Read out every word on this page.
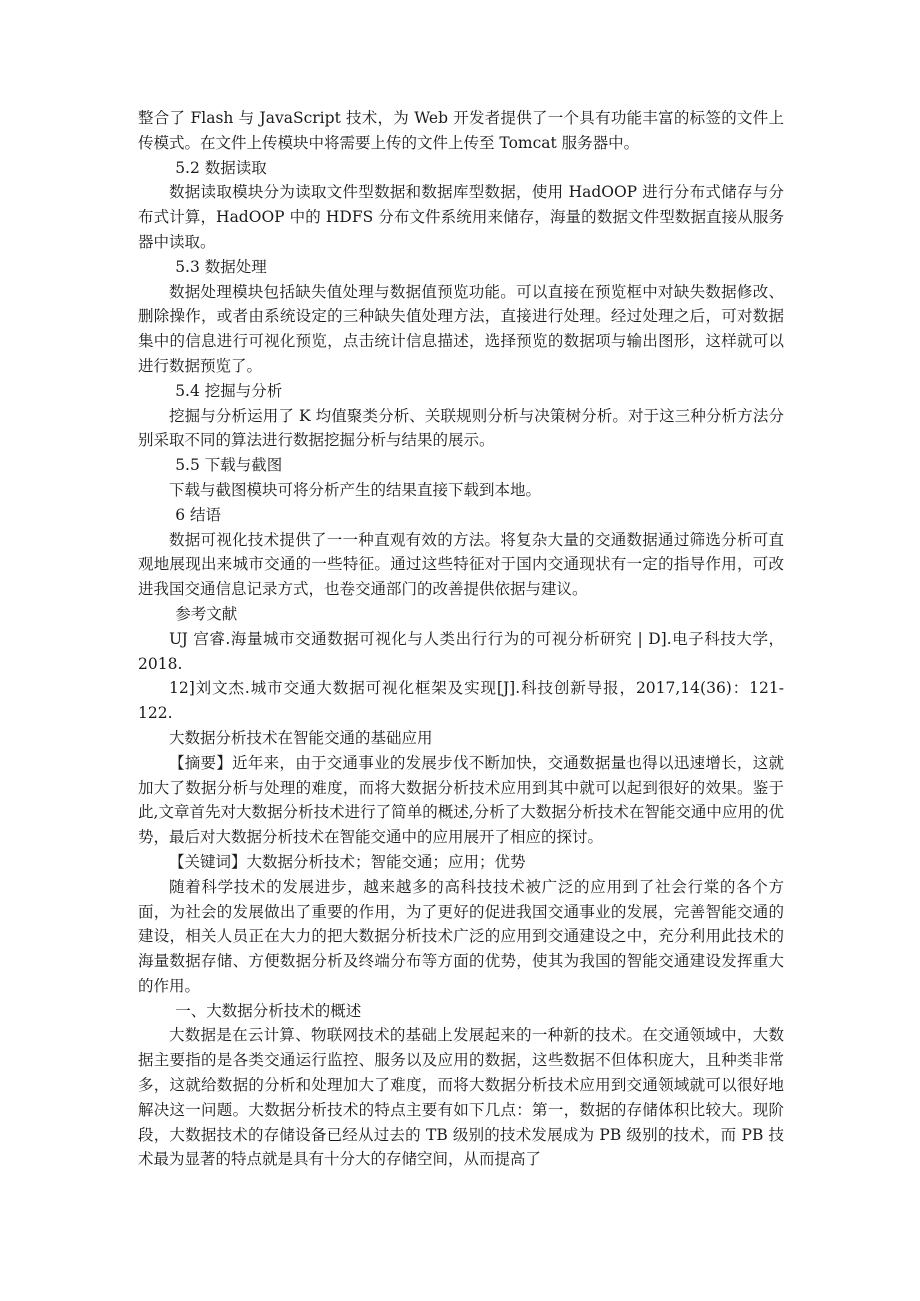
整合了 Flash 与 JavaScript 技术，为 Web 开发者提供了一个具有功能丰富的标签的文件上传模式。在文件上传模块中将需要上传的文件上传至 Tomcat 服务器中。

5.2 数据读取

数据读取模块分为读取文件型数据和数据库型数据，使用 HadOOP 进行分布式储存与分布式计算，HadOOP 中的 HDFS 分布文件系统用来储存，海量的数据文件型数据直接从服务器中读取。

5.3 数据处理

数据处理模块包括缺失值处理与数据值预览功能。可以直接在预览框中对缺失数据修改、删除操作，或者由系统设定的三种缺失值处理方法，直接进行处理。经过处理之后，可对数据集中的信息进行可视化预览，点击统计信息描述，选择预览的数据项与输出图形，这样就可以进行数据预览了。

5.4 挖掘与分析

挖掘与分析运用了 K 均值聚类分析、关联规则分析与决策树分析。对于这三种分析方法分别采取不同的算法进行数据挖掘分析与结果的展示。

5.5 下载与截图

下载与截图模块可将分析产生的结果直接下载到本地。

6 结语

数据可视化技术提供了一一种直观有效的方法。将复杂大量的交通数据通过筛选分析可直观地展现出来城市交通的一些特征。通过这些特征对于国内交通现状有一定的指导作用，可改进我国交通信息记录方式，也卷交通部门的改善提供依据与建议。

参考文献

UJ 宫睿.海量城市交通数据可视化与人类出行行为的可视分析研究 | D].电子科技大学，2018.

12]刘文杰.城市交通大数据可视化框架及实现[J].科技创新导报，2017,14(36)：121-122.

大数据分析技术在智能交通的基础应用

【摘要】近年来，由于交通事业的发展步伐不断加快，交通数据量也得以迅速增长，这就加大了数据分析与处理的难度，而将大数据分析技术应用到其中就可以起到很好的效果。鉴于此,文章首先对大数据分析技术进行了简单的概述,分析了大数据分析技术在智能交通中应用的优势，最后对大数据分析技术在智能交通中的应用展开了相应的探讨。

【关键词】大数据分析技术；智能交通；应用；优势

随着科学技术的发展进步，越来越多的高科技技术被广泛的应用到了社会行棠的各个方面，为社会的发展做出了重要的作用，为了更好的促进我国交通事业的发展，完善智能交通的建设，相关人员正在大力的把大数据分析技术广泛的应用到交通建设之中，充分利用此技术的海量数据存储、方便数据分析及终端分布等方面的优势，使其为我国的智能交通建设发挥重大的作用。

一、大数据分析技术的概述

大数据是在云计算、物联网技术的基础上发展起来的一种新的技术。在交通领域中，大数据主要指的是各类交通运行监控、服务以及应用的数据，这些数据不但体积庞大，且种类非常多，这就给数据的分析和处理加大了难度，而将大数据分析技术应用到交通领域就可以很好地解决这一问题。大数据分析技术的特点主要有如下几点：第一，数据的存储体积比较大。现阶段，大数据技术的存储设备已经从过去的 TB 级别的技术发展成为 PB 级别的技术，而 PB 技术最为显著的特点就是具有十分大的存储空间，从而提高了
